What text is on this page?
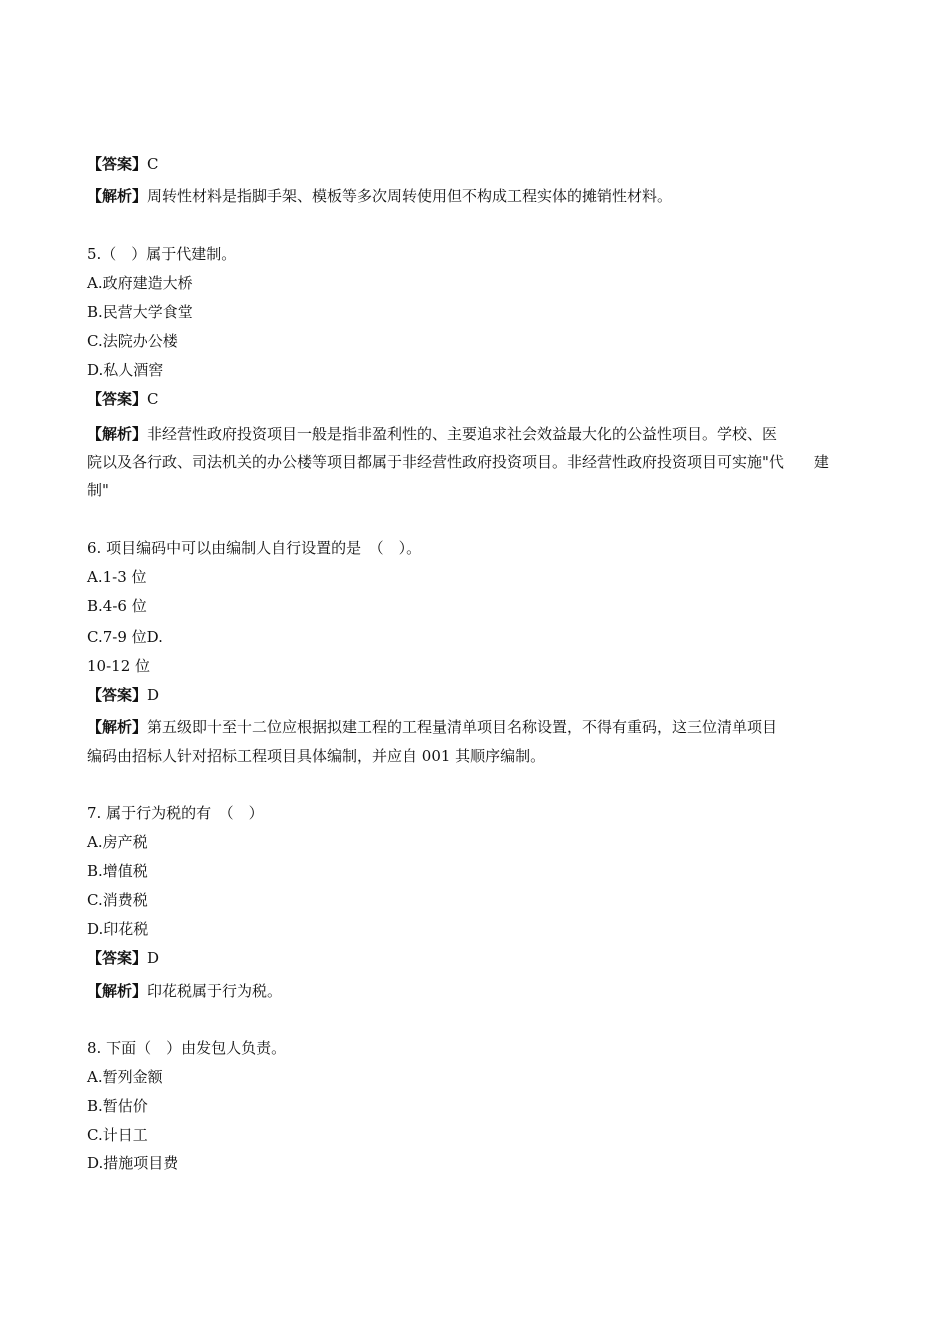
【答案】C
【解析】周转性材料是指脚手架、模板等多次周转使用但不构成工程实体的摊销性材料。
5.（　）属于代建制。
A.政府建造大桥
B.民营大学食堂
C.法院办公楼
D.私人酒窖
【答案】C
【解析】非经营性政府投资项目一般是指非盈利性的、主要追求社会效益最大化的公益性项目。学校、医
院以及各行政、司法机关的办公楼等项目都属于非经营性政府投资项目。非经营性政府投资项目可实施"代　　建
制"
6. 项目编码中可以由编制人自行设置的是　（　）。
A.1-3 位
B.4-6 位
C.7-9 位D.
10-12 位
【答案】D
【解析】第五级即十至十二位应根据拟建工程的工程量清单项目名称设置，不得有重码，这三位清单项目
编码由招标人针对招标工程项目具体编制，并应自 001 其顺序编制。
7. 属于行为税的有　（　）
A.房产税
B.增值税
C.消费税
D.印花税
【答案】D
【解析】印花税属于行为税。
8. 下面（　）由发包人负责。
A.暂列金额
B.暂估价
C.计日工
D.措施项目费
